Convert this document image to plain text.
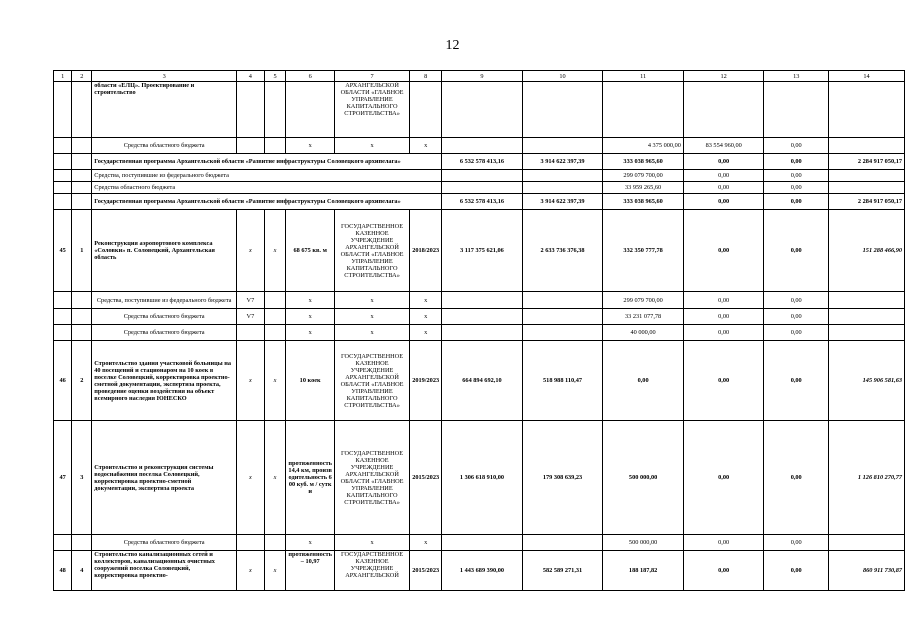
12
1	2	3	4	5	6	7	8	9	10	11	12	13	14
		области «ЕЛЦ». Проектирование и строительство				АРХАНГЕЛЬСКОЙ ОБЛАСТИ «ГЛАВНОЕ УПРАВЛЕНИЕ КАПИТАЛЬНОГО СТРОИТЕЛЬСТВА»							
		Средства областного бюджета			х	х	х			4 375 000,00	83 554 960,00	0,00	
		Государственная программа Архангельской области «Развитие инфраструктуры Соловецкого архипелага»						6 532 578 413,16	3 914 622 397,39	333 038 965,60	0,00	0,00	2 284 917 050,17
		Средства, поступившие из федерального бюджета								299 079 700,00	0,00	0,00	
		Средства областного бюджета								33 959 265,60	0,00	0,00	
		Государственная программа Архангельской области «Развитие инфраструктуры Соловецкого архипелага»						6 532 578 413,16	3 914 622 397,39	333 038 965,60	0,00	0,00	2 284 917 050,17
45	1	Реконструкция аэропортового комплекса «Соловки» п. Соловецкий, Архангельская область	х	х	68 675 кв. м	ГОСУДАРСТВЕННОЕ КАЗЕННОЕ УЧРЕЖДЕНИЕ АРХАНГЕЛЬСКОЙ ОБЛАСТИ «ГЛАВНОЕ УПРАВЛЕНИЕ КАПИТАЛЬНОГО СТРОИТЕЛЬСТВА»	2018/2023	3 117 375 621,06	2 633 736 376,38	332 350 777,78	0,00	0,00	151 288 466,90
		Средства, поступившие из федерального бюджета	V7		х	х	х			299 079 700,00	0,00	0,00	
		Средства областного бюджета	V7		х	х	х			33 231 077,78	0,00	0,00	
		Средства областного бюджета			х	х	х			40 000,00	0,00	0,00	
46	2	Строительство здания участковой больницы на 40 посещений и стационаром на 10 коек в поселке Соловецкий, корректировка проектно-сметной документации, экспертиза проекта, проведение оценки воздействия на объект всемирного наследия ЮНЕСКО	х	х	10 коек	ГОСУДАРСТВЕННОЕ КАЗЕННОЕ УЧРЕЖДЕНИЕ АРХАНГЕЛЬСКОЙ ОБЛАСТИ «ГЛАВНОЕ УПРАВЛЕНИЕ КАПИТАЛЬНОГО СТРОИТЕЛЬСТВА»	2019/2023	664 894 692,10	518 988 110,47	0,00	0,00	0,00	145 906 581,63
47	3	Строительство и реконструкция системы водоснабжения поселка Соловецкий, корректировка проектно-сметной документации, экспертиза проекта	х	х	протяженность 14,4 км, производительность 600 куб. м / сутки	ГОСУДАРСТВЕННОЕ КАЗЕННОЕ УЧРЕЖДЕНИЕ АРХАНГЕЛЬСКОЙ ОБЛАСТИ «ГЛАВНОЕ УПРАВЛЕНИЕ КАПИТАЛЬНОГО СТРОИТЕЛЬСТВА»	2015/2023	1 306 618 910,00	179 308 639,23	500 000,00	0,00	0,00	1 126 810 270,77
		Средства областного бюджета			х	х	х			500 000,00	0,00	0,00	
48	4	Строительство канализационных сетей и коллекторов, канализационных очистных сооружений поселка Соловецкий, корректировка проектно-	х	х	протяженность – 10,97	ГОСУДАРСТВЕННОЕ КАЗЕННОЕ УЧРЕЖДЕНИЕ АРХАНГЕЛЬСКОЙ	2015/2023	1 443 689 390,00	582 589 271,31	188 187,82	0,00	0,00	860 911 730,87
